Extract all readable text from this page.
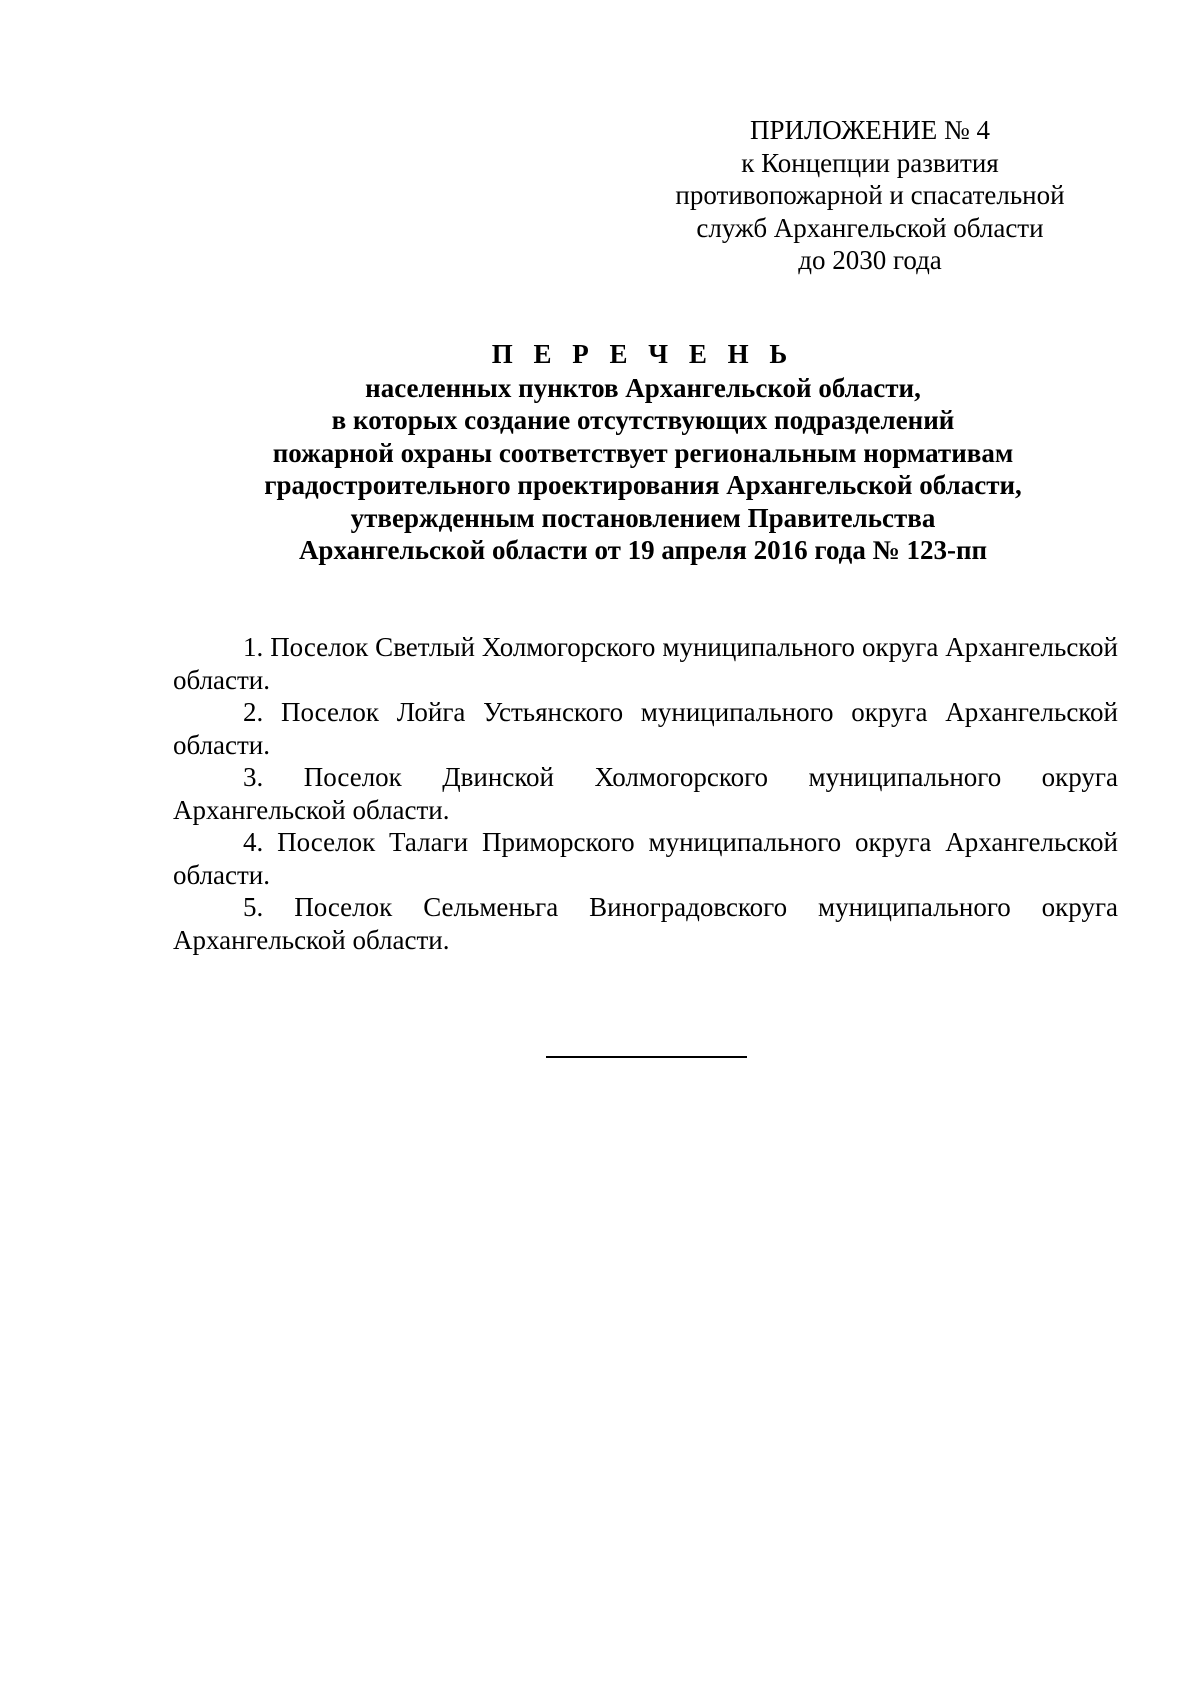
ПРИЛОЖЕНИЕ № 4
к Концепции развития
противопожарной и спасательной
служб Архангельской области
до 2030 года
П Е Р Е Ч Е Н Ь
населенных пунктов Архангельской области,
в которых создание отсутствующих подразделений
пожарной охраны соответствует региональным нормативам
градостроительного проектирования Архангельской области,
утвержденным постановлением Правительства
Архангельской области от 19 апреля 2016 года № 123-пп

1. Поселок Светлый Холмогорского муниципального округа Архангельской области.

2. Поселок Лойга Устьянского муниципального округа Архангельской области.

3. Поселок Двинской Холмогорского муниципального округа Архангельской области.

4. Поселок Талаги Приморского муниципального округа Архангельской области.

5. Поселок Сельменьга Виноградовского муниципального округа Архангельской области.
